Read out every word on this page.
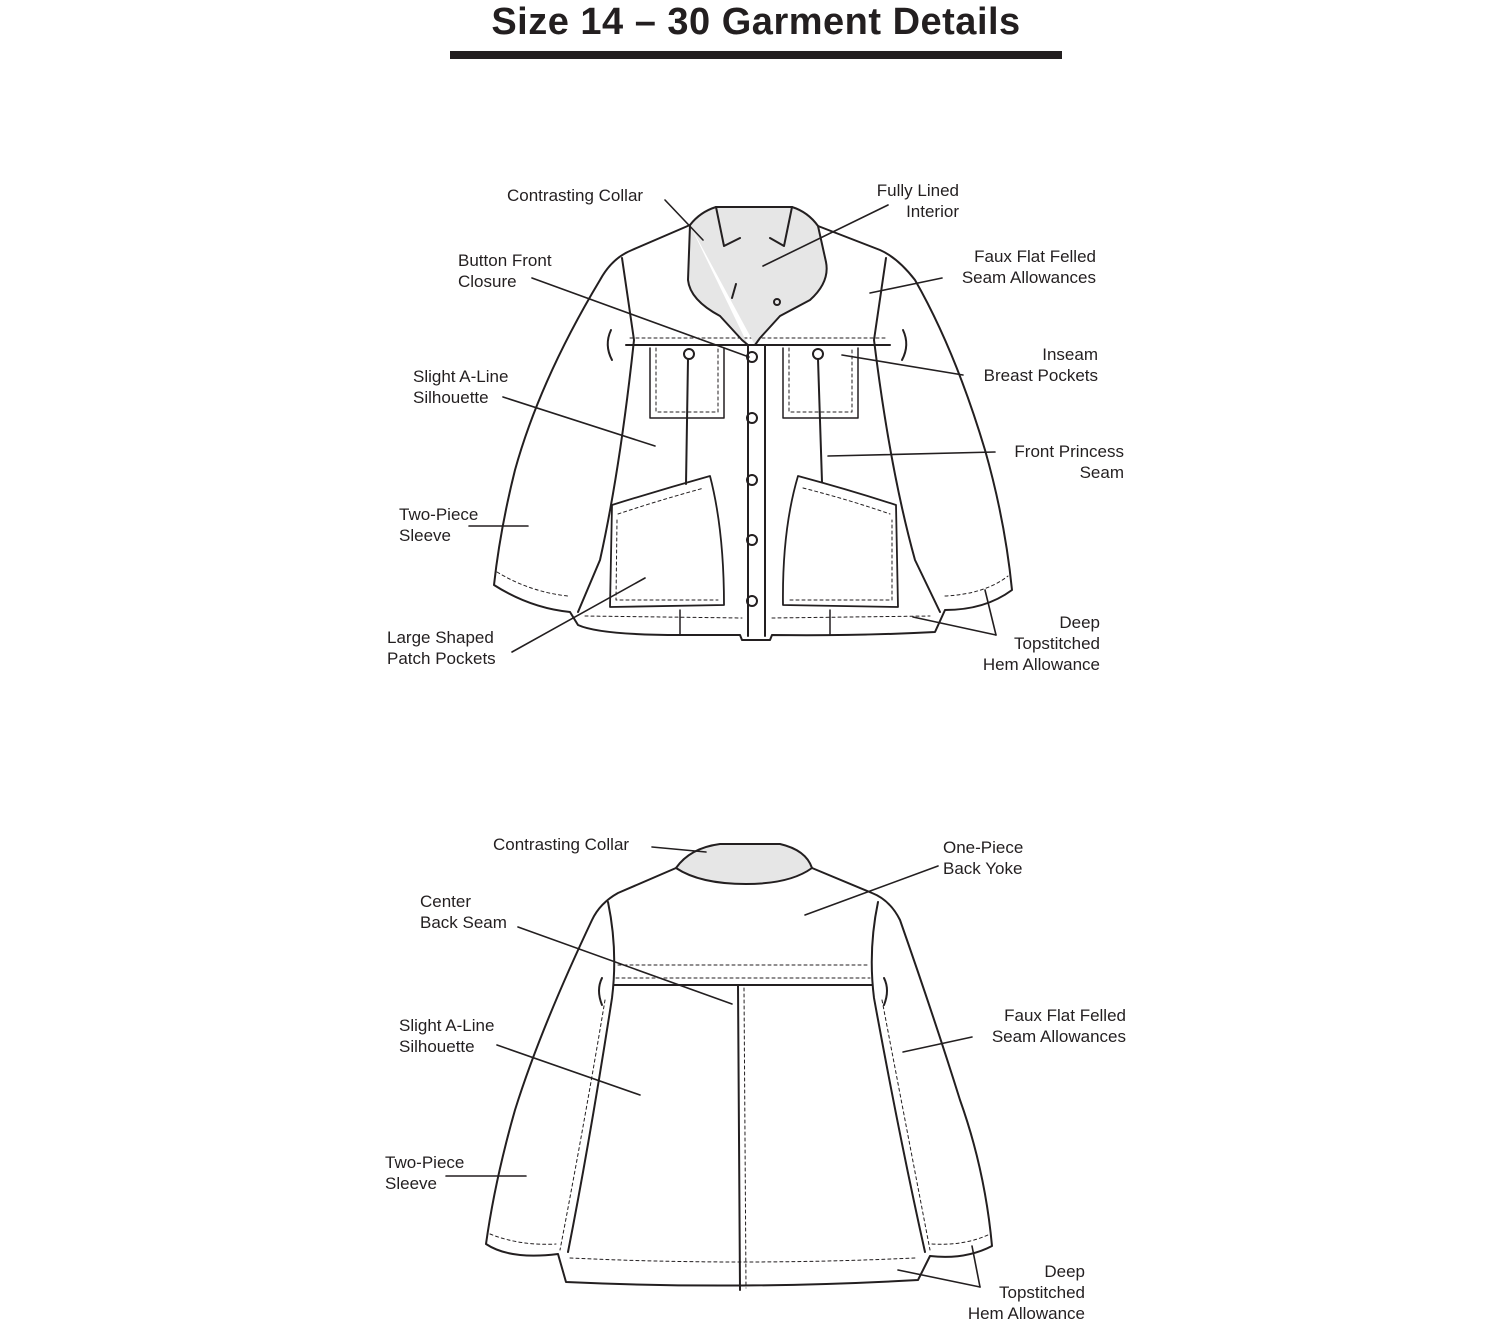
Size 14 – 30 Garment Details
Contrasting Collar	Fully Lined
Interior
Button Front
Closure
Faux Flat Felled
Seam Allowances
Slight A-Line
Silhouette
Inseam
Breast Pockets
Front Princess
Seam
Two-Piece
Sleeve
Large Shaped
Patch Pockets
Deep
Topstitched
Hem Allowance
Contrasting Collar	One-Piece
Back Yoke
Center
Back Seam
Slight A-Line
Silhouette
Faux Flat Felled
Seam Allowances
Two-Piece
Sleeve
Deep
Topstitched
Hem Allowance
